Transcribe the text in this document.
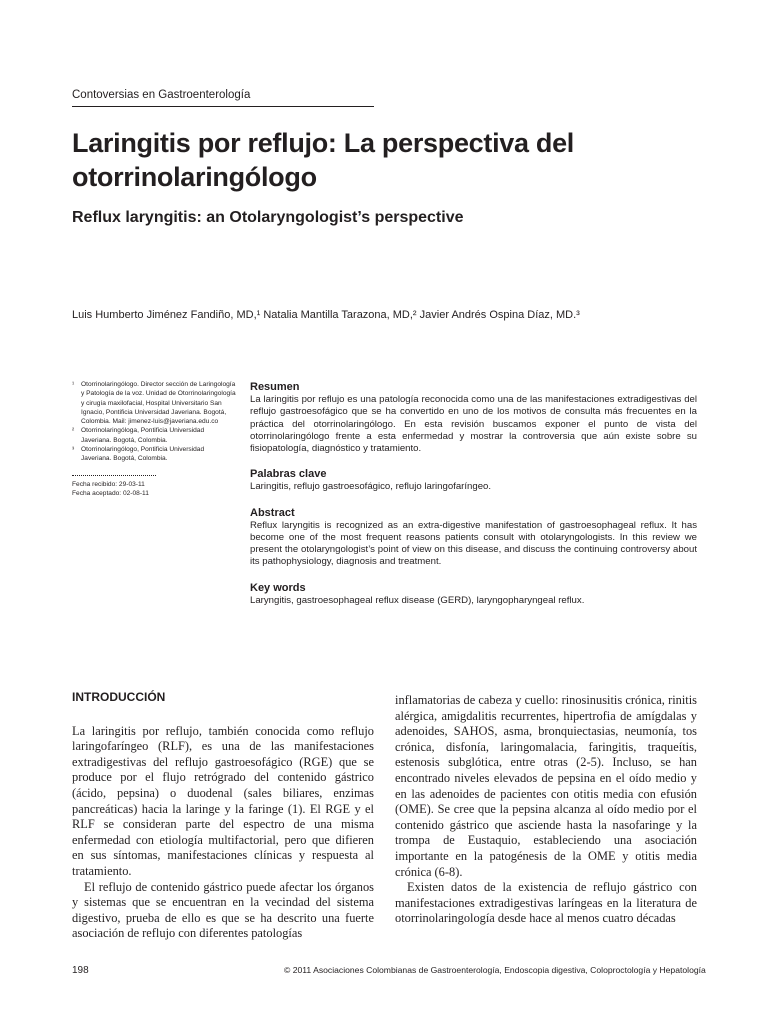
Contoversias en Gastroenterología
Laringitis por reflujo: La perspectiva del otorrinolaringólogo
Reflux laryngitis: an Otolaryngologist’s perspective
Luis Humberto Jiménez Fandiño, MD,¹ Natalia Mantilla Tarazona, MD,² Javier Andrés Ospina Díaz, MD.³
¹ Otorrinolaringólogo. Director sección de Laringología y Patología de la voz. Unidad de Otorrinolaringología y cirugía maxilofacial, Hospital Universitario San Ignacio, Pontificia Universidad Javeriana. Bogotá, Colombia. Mail: jimenez-luis@javeriana.edu.co
² Otorrinolaringóloga, Pontificia Universidad Javeriana. Bogotá, Colombia.
³ Otorrinolaringólogo, Pontificia Universidad Javeriana. Bogotá, Colombia.
Fecha recibido: 29-03-11
Fecha aceptado: 02-08-11
Resumen

La laringitis por reflujo es una patología reconocida como una de las manifestaciones extradigestivas del reflujo gastroesofágico que se ha convertido en uno de los motivos de consulta más frecuentes en la práctica del otorrinolaringólogo. En esta revisión buscamos exponer el punto de vista del otorrinolaringólogo frente a esta enfermedad y mostrar la controversia que aún existe sobre su fisiopatología, diagnóstico y tratamiento.

Palabras clave

Laringitis, reflujo gastroesofágico, reflujo laringofaríngeo.

Abstract

Reflux laryngitis is recognized as an extra-digestive manifestation of gastroesophageal reflux. It has become one of the most frequent reasons patients consult with otolaryngologists. In this review we present the otolaryngologist’s point of view on this disease, and discuss the continuing controversy about its pathophysiology, diagnosis and treatment.

Key words

Laryngitis, gastroesophageal reflux disease (GERD), laryngopharyngeal reflux.

INTRODUCCIÓN

La laringitis por reflujo, también conocida como reflujo laringofaríngeo (RLF), es una de las manifestaciones extradigestivas del reflujo gastroesofágico (RGE) que se produce por el flujo retrógrado del contenido gástrico (ácido, pepsina) o duodenal (sales biliares, enzimas pancreáticas) hacia la laringe y la faringe (1). El RGE y el RLF se consideran parte del espectro de una misma enfermedad con etiología multifactorial, pero que difieren en sus síntomas, manifestaciones clínicas y respuesta al tratamiento.

El reflujo de contenido gástrico puede afectar los órganos y sistemas que se encuentran en la vecindad del sistema digestivo, prueba de ello es que se ha descrito una fuerte asociación de reflujo con diferentes patologías

inflamatorias de cabeza y cuello: rinosinusitis crónica, rinitis alérgica, amigdalitis recurrentes, hipertrofia de amígdalas y adenoides, SAHOS, asma, bronquiectasias, neumonía, tos crónica, disfonía, laringomalacia, faringitis, traqueítis, estenosis subglótica, entre otras (2-5). Incluso, se han encontrado niveles elevados de pepsina en el oído medio y en las adenoides de pacientes con otitis media con efusión (OME). Se cree que la pepsina alcanza al oído medio por el contenido gástrico que asciende hasta la nasofaringe y la trompa de Eustaquio, estableciendo una asociación importante en la patogénesis de la OME y otitis media crónica (6-8).

Existen datos de la existencia de reflujo gástrico con manifestaciones extradigestivas laríngeas en la literatura de otorrinolaringología desde hace al menos cuatro décadas

198	© 2011 Asociaciones Colombianas de Gastroenterología, Endoscopia digestiva, Coloproctología y Hepatología
